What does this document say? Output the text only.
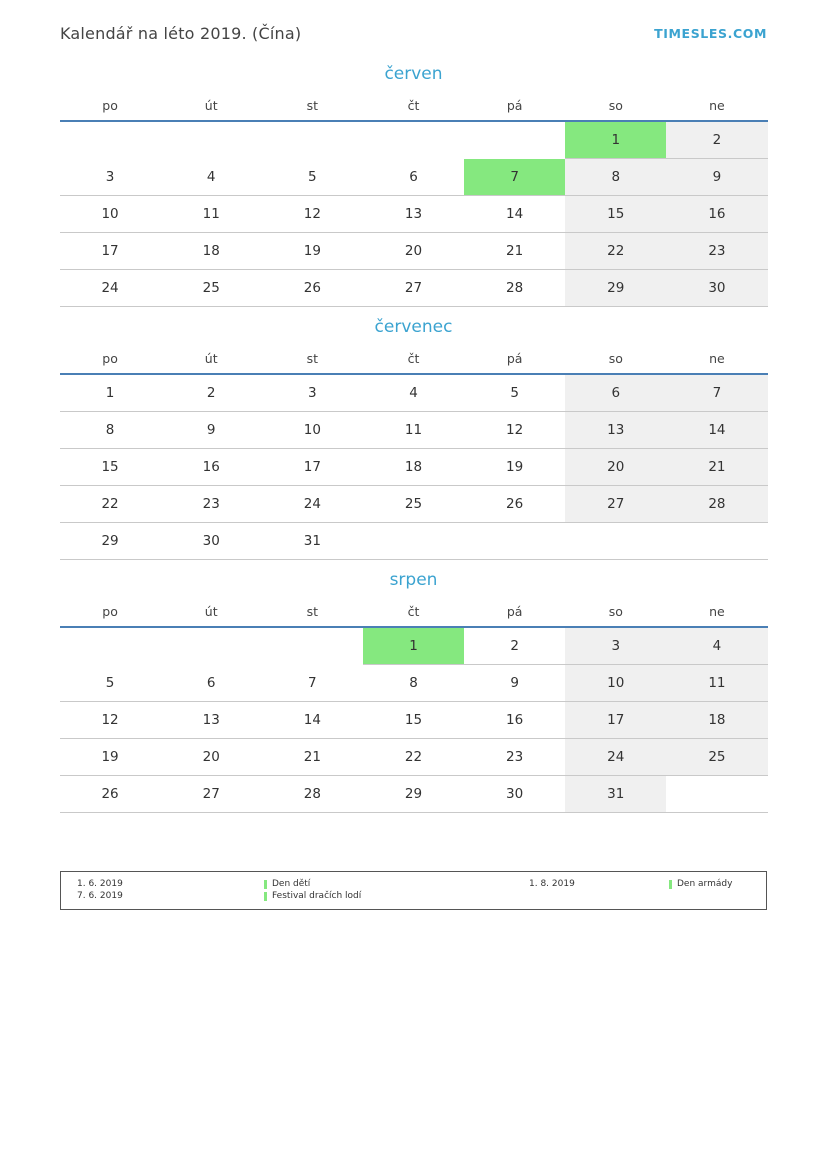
Kalendář na léto 2019. (Čína)	TIMESLES.COM
červen
po	út	st	čt	pá	so	ne
					1	2
3	4	5	6	7	8	9
10	11	12	13	14	15	16
17	18	19	20	21	22	23
24	25	26	27	28	29	30
červenec
po	út	st	čt	pá	so	ne
1	2	3	4	5	6	7
8	9	10	11	12	13	14
15	16	17	18	19	20	21
22	23	24	25	26	27	28
29	30	31				
srpen
po	út	st	čt	pá	so	ne
			1	2	3	4
5	6	7	8	9	10	11
12	13	14	15	16	17	18
19	20	21	22	23	24	25
26	27	28	29	30	31	
1. 6. 2019	Den dětí	1. 8. 2019	Den armády
7. 6. 2019	Festival dračích lodí
